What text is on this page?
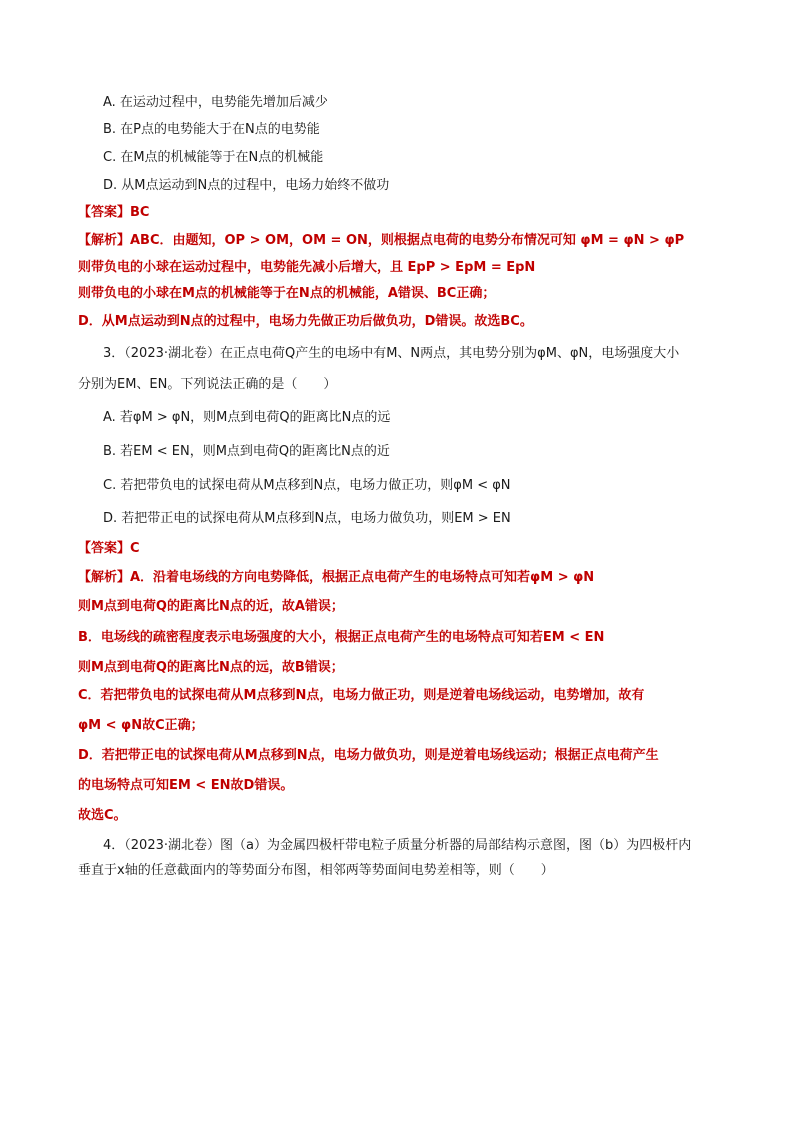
A. 在运动过程中，电势能先增加后减少
B. 在P点的电势能大于在N点的电势能
C. 在M点的机械能等于在N点的机械能
D. 从M点运动到N点的过程中，电场力始终不做功
【答案】BC
【解析】ABC．由题知，OP > OM，OM = ON，则根据点电荷的电势分布情况可知 φM = φN > φP
则带负电的小球在运动过程中，电势能先减小后增大，且 EpP > EpM = EpN
则带负电的小球在M点的机械能等于在N点的机械能，A错误、BC正确；
D．从M点运动到N点的过程中，电场力先做正功后做负功，D错误。故选BC。
3．（2023·湖北卷）在正点电荷Q产生的电场中有M、N两点，其电势分别为φM、φN，电场强度大小
分别为EM、EN。下列说法正确的是（　　）
A. 若φM > φN，则M点到电荷Q的距离比N点的远
B. 若EM < EN，则M点到电荷Q的距离比N点的近
C. 若把带负电的试探电荷从M点移到N点，电场力做正功，则φM < φN
D. 若把带正电的试探电荷从M点移到N点，电场力做负功，则EM > EN
【答案】C
【解析】A．沿着电场线的方向电势降低，根据正点电荷产生的电场特点可知若φM > φN
则M点到电荷Q的距离比N点的近，故A错误；
B．电场线的疏密程度表示电场强度的大小，根据正点电荷产生的电场特点可知若EM < EN
则M点到电荷Q的距离比N点的远，故B错误；
C．若把带负电的试探电荷从M点移到N点，电场力做正功，则是逆着电场线运动，电势增加，故有
φM < φN故C正确；
D．若把带正电的试探电荷从M点移到N点，电场力做负功，则是逆着电场线运动；根据正点电荷产生
的电场特点可知EM < EN故D错误。
故选C。
4．（2023·湖北卷）图（a）为金属四极杆带电粒子质量分析器的局部结构示意图，图（b）为四极杆内
垂直于x轴的任意截面内的等势面分布图，相邻两等势面间电势差相等，则（　　）
